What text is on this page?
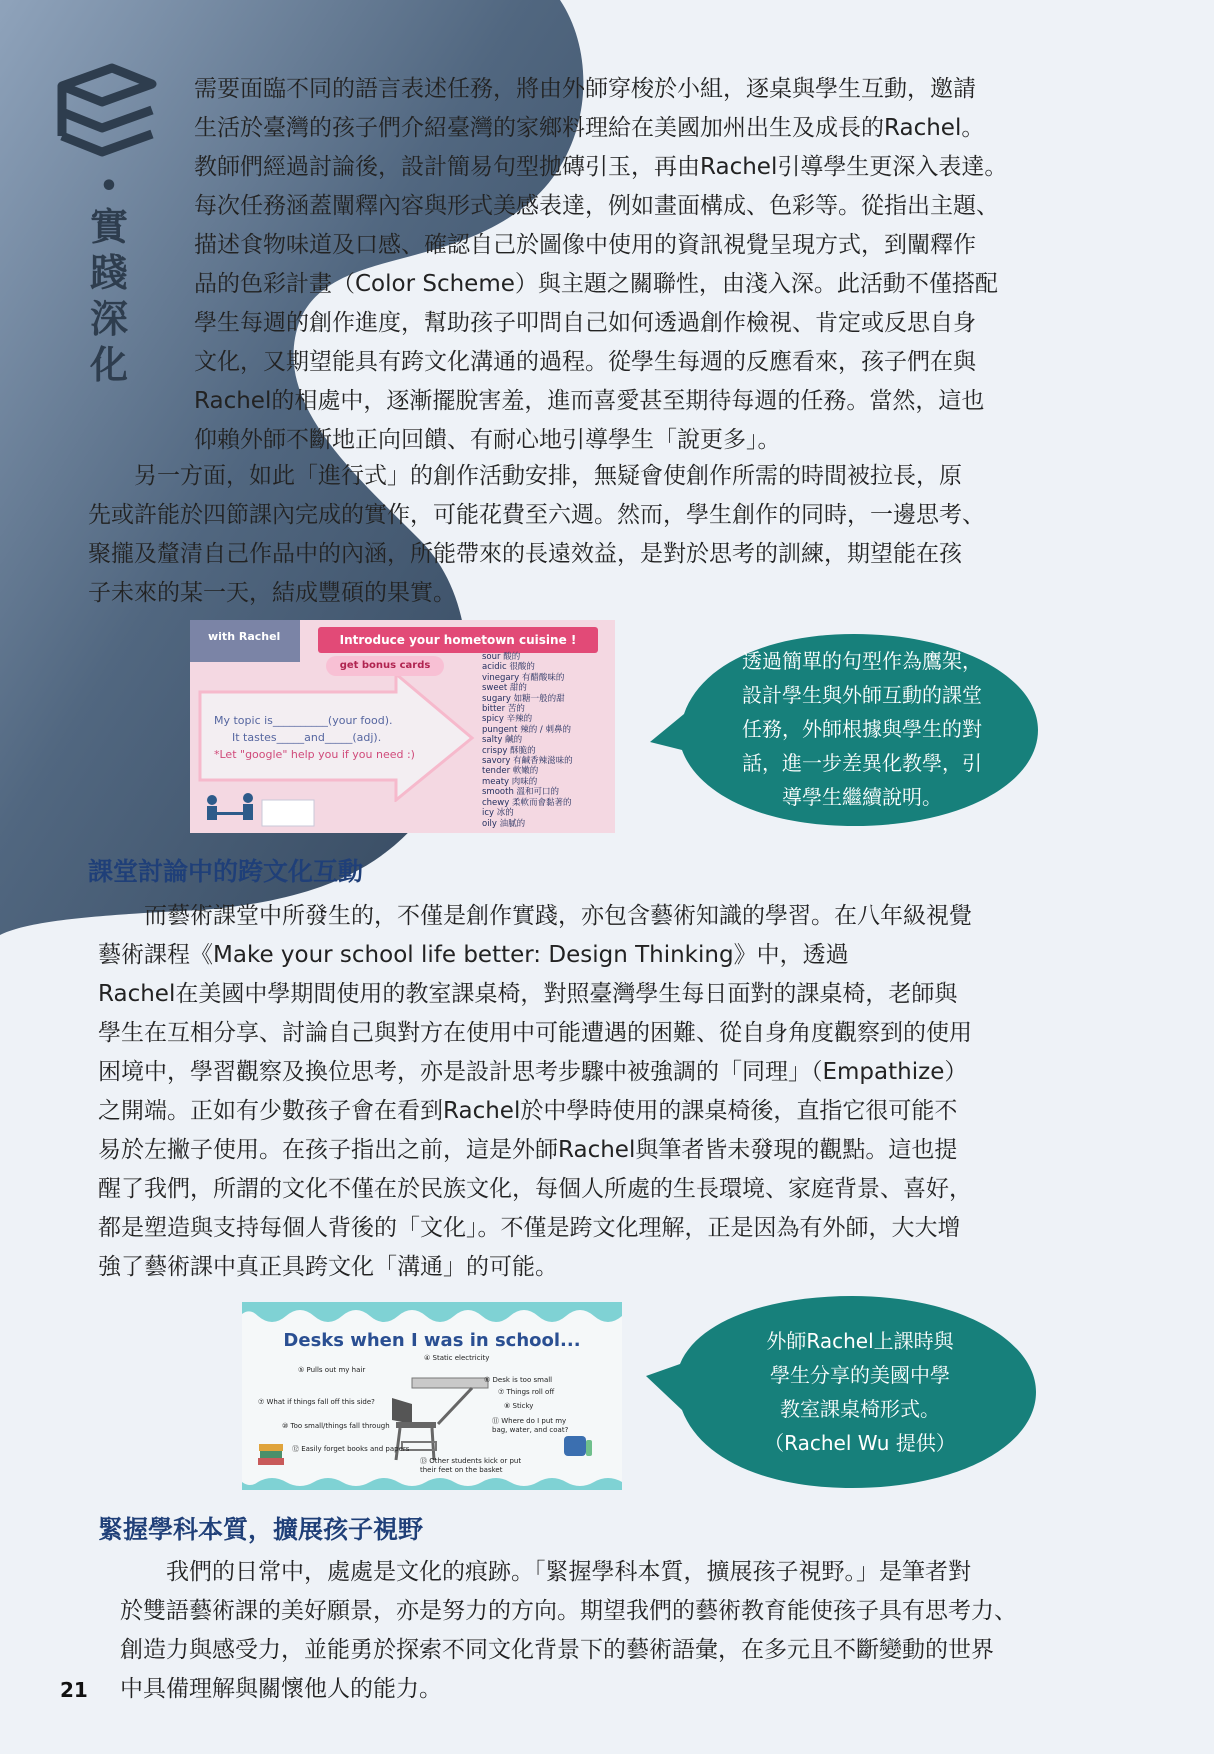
•
實
踐
深
化
需要面臨不同的語言表述任務，將由外師穿梭於小組，逐桌與學生互動，邀請
生活於臺灣的孩子們介紹臺灣的家鄉料理給在美國加州出生及成長的Rachel。
教師們經過討論後，設計簡易句型拋磚引玉，再由Rachel引導學生更深入表達。
每次任務涵蓋闡釋內容與形式美感表達，例如畫面構成、色彩等。從指出主題、
描述食物味道及口感、確認自己於圖像中使用的資訊視覺呈現方式，到闡釋作
品的色彩計畫（Color Scheme）與主題之關聯性，由淺入深。此活動不僅搭配
學生每週的創作進度，幫助孩子叩問自己如何透過創作檢視、肯定或反思自身
文化，又期望能具有跨文化溝通的過程。從學生每週的反應看來，孩子們在與
Rachel的相處中，逐漸擺脫害羞，進而喜愛甚至期待每週的任務。當然，這也
仰賴外師不斷地正向回饋、有耐心地引導學生「說更多」。
　　另一方面，如此「進行式」的創作活動安排，無疑會使創作所需的時間被拉長，原
先或許能於四節課內完成的實作，可能花費至六週。然而，學生創作的同時，一邊思考、
聚攏及釐清自己作品中的內涵，所能帶來的長遠效益，是對於思考的訓練，期望能在孩
子未來的某一天，結成豐碩的果實。
with Rachel	Introduce your hometown cuisine !
get bonus cards
My topic is__________(your food).
It tastes_____and_____(adj).
*Let "google" help you if you need :)
sour 酸的
acidic 很酸的
vinegary 有醋酸味的
sweet 甜的
sugary 如糖一般的甜
bitter 苦的
spicy 辛辣的
pungent 辣的 / 刺鼻的
salty 鹹的
crispy 酥脆的
savory 有鹹香辣滋味的
tender 軟嫩的
meaty 肉味的
smooth 溫和可口的
chewy 柔軟而會黏著的
icy 冰的
oily 油膩的
透過簡單的句型作為鷹架，
設計學生與外師互動的課堂
任務，外師根據與學生的對
話，進一步差異化教學，引
導學生繼續說明。
課堂討論中的跨文化互動
　　而藝術課堂中所發生的，不僅是創作實踐，亦包含藝術知識的學習。在八年級視覺
藝術課程《Make your school life better: Design Thinking》中，透過
Rachel在美國中學期間使用的教室課桌椅，對照臺灣學生每日面對的課桌椅，老師與
學生在互相分享、討論自己與對方在使用中可能遭遇的困難、從自身角度觀察到的使用
困境中，學習觀察及換位思考，亦是設計思考步驟中被強調的「同理」（Empathize）
之開端。正如有少數孩子會在看到Rachel於中學時使用的課桌椅後，直指它很可能不
易於左撇子使用。在孩子指出之前，這是外師Rachel與筆者皆未發現的觀點。這也提
醒了我們，所謂的文化不僅在於民族文化，每個人所處的生長環境、家庭背景、喜好，
都是塑造與支持每個人背後的「文化」。不僅是跨文化理解，正是因為有外師，大大增
強了藝術課中真正具跨文化「溝通」的可能。
Desks when I was in school...
④ Static electricity
⑤ Pulls out my hair
⑥ Desk is too small
⑦ Things roll off
⑦ What if things fall off this side?	⑧ Sticky
⑩ Too small/things fall through
⑪ Where do I put my bag, water, and coat?
⑫ Easily forget books and papers
⑬ Other students kick or put their feet on the basket
外師Rachel上課時與
學生分享的美國中學
教室課桌椅形式。
（Rachel Wu 提供）
緊握學科本質，擴展孩子視野
　　我們的日常中，處處是文化的痕跡。「緊握學科本質，擴展孩子視野。」是筆者對
於雙語藝術課的美好願景，亦是努力的方向。期望我們的藝術教育能使孩子具有思考力、
創造力與感受力，並能勇於探索不同文化背景下的藝術語彙，在多元且不斷變動的世界
中具備理解與關懷他人的能力。
21
